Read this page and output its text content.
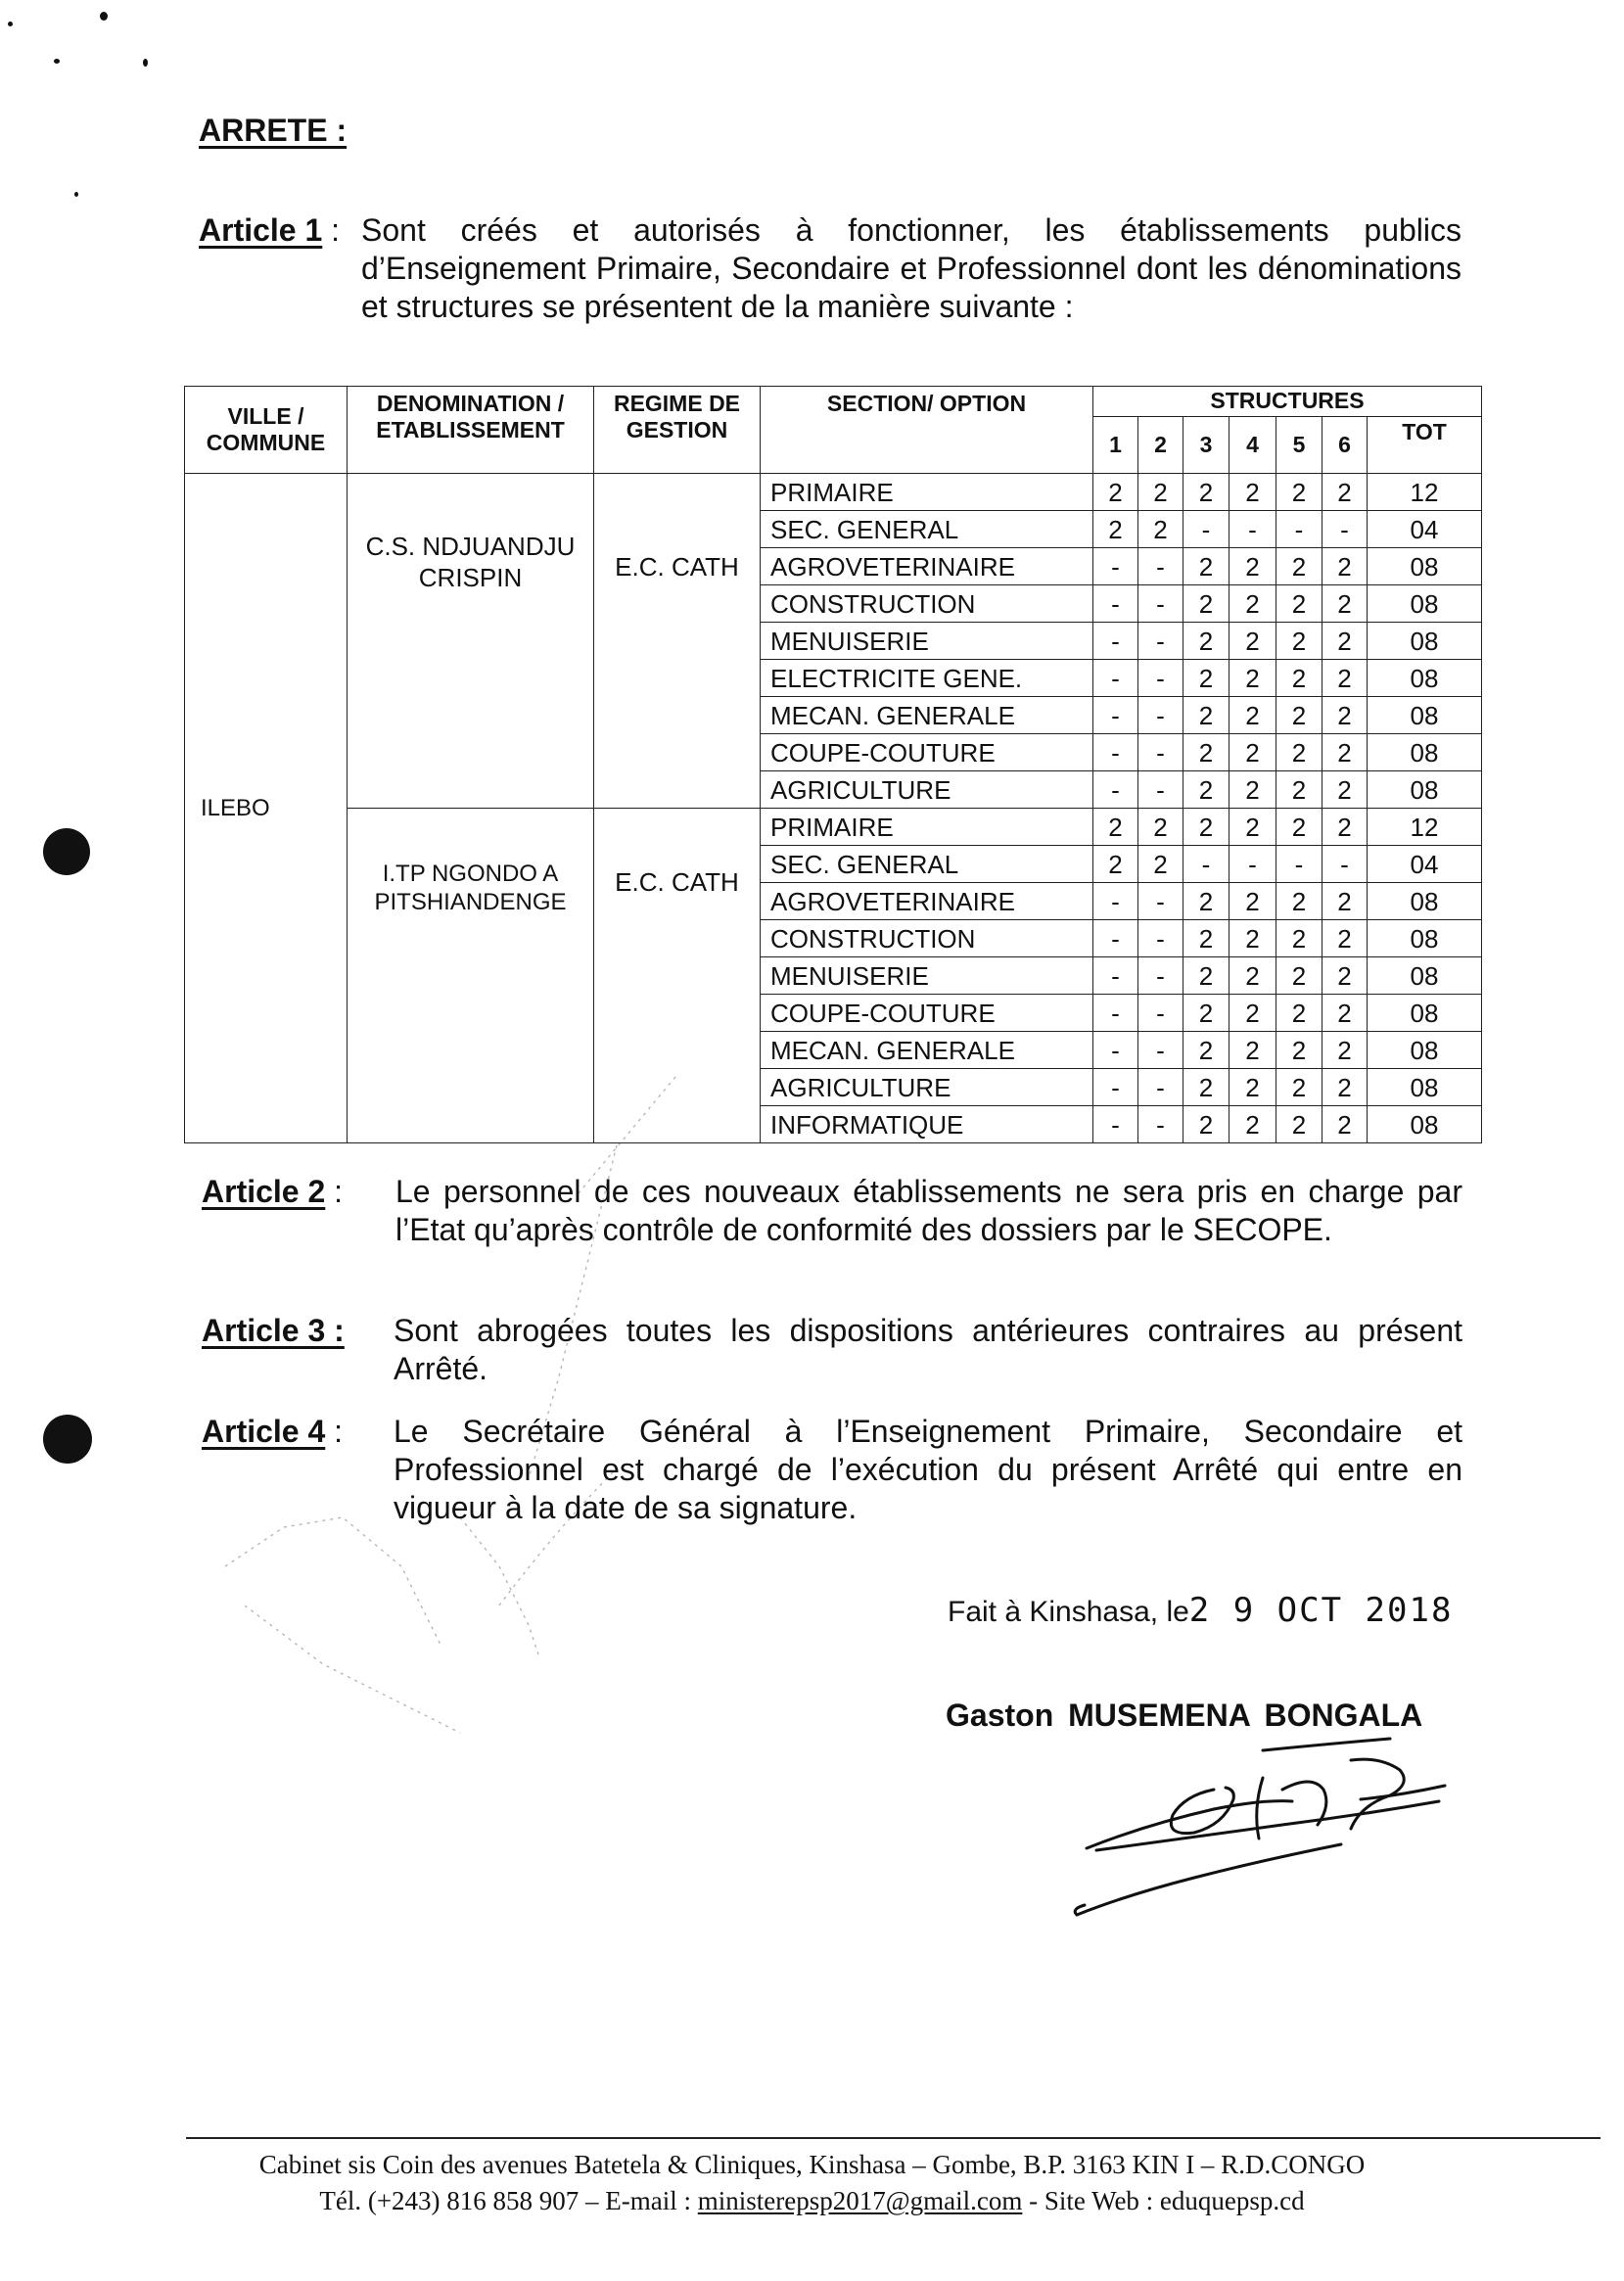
ARRETE :
Article 1 : Sont créés et autorisés à fonctionner, les établissements publics d’Enseignement Primaire, Secondaire et Professionnel dont les dénominations et structures se présentent de la manière suivante :
VILLE / COMMUNE	DENOMINATION / ETABLISSEMENT	REGIME DE GESTION	SECTION/ OPTION	STRUCTURES						
				1	2	3	4	5	6	TOT
ILEBO	C.S. NDJUANDJU CRISPIN	E.C. CATH	PRIMAIRE	2	2	2	2	2	2	12
			SEC. GENERAL	2	2	-	-	-	-	04
			AGROVETERINAIRE	-	-	2	2	2	2	08
			CONSTRUCTION	-	-	2	2	2	2	08
			MENUISERIE	-	-	2	2	2	2	08
			ELECTRICITE GENE.	-	-	2	2	2	2	08
			MECAN. GENERALE	-	-	2	2	2	2	08
			COUPE-COUTURE	-	-	2	2	2	2	08
			AGRICULTURE	-	-	2	2	2	2	08
	I.TP NGONDO A PITSHIANDENGE	E.C. CATH	PRIMAIRE	2	2	2	2	2	2	12
			SEC. GENERAL	2	2	-	-	-	-	04
			AGROVETERINAIRE	-	-	2	2	2	2	08
			CONSTRUCTION	-	-	2	2	2	2	08
			MENUISERIE	-	-	2	2	2	2	08
			COUPE-COUTURE	-	-	2	2	2	2	08
			MECAN. GENERALE	-	-	2	2	2	2	08
			AGRICULTURE	-	-	2	2	2	2	08
			INFORMATIQUE	-	-	2	2	2	2	08
Article 2 : Le personnel de ces nouveaux établissements ne sera pris en charge par l’Etat qu’après contrôle de conformité des dossiers par le SECOPE.
Article 3 : Sont abrogées toutes les dispositions antérieures contraires au présent Arrêté.
Article 4 : Le Secrétaire Général à l’Enseignement Primaire, Secondaire et Professionnel est chargé de l’exécution du présent Arrêté qui entre en vigueur à la date de sa signature.
Fait à Kinshasa, le2 9 OCT 2018
Gaston MUSEMENA BONGALA
Cabinet sis Coin des avenues Batetela & Cliniques, Kinshasa – Gombe, B.P. 3163 KIN I – R.D.CONGO
Tél. (+243) 816 858 907 – E-mail : ministerepsp2017@gmail.com - Site Web : eduquepsp.cd
